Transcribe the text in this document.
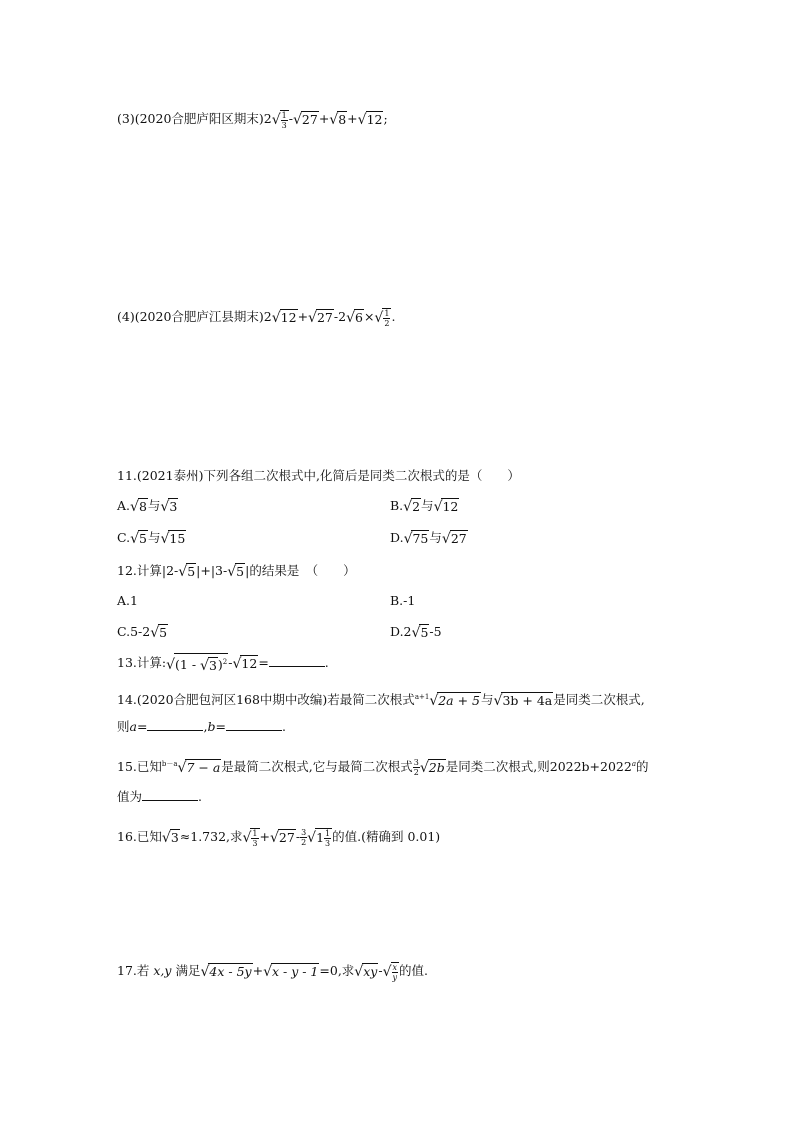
(3)(2020合肥庐阳区期末)$2√ \frac{1}{3} -√27+√8+√12$;
(4)(2020合肥庐江县期末)$2√12+√27-2√6\times√ \frac{1}{2}$ .
11.(2021泰州)下列各组二次根式中,化简后是同类二次根式的是（　　）
A.√8与√3	B.√2与√12
C.√5与√15	D.√75与√27
12.计算|2-√5|+|3-√5|的结果是　（　　）
A.1	B.-1
C.5-2√5	D.2√5-5
13.计算:√(1 - √3)$^2$-√12=	.
14.(2020合肥包河区168中期中改编)若最简二次根式$^{a+1}$√2a + 5与√3b + 4a是同类二次根式,
则a=	,b=	.
15.已知$^{b-a}$√7 − a是最简二次根式,它与最简二次根式 $\frac{3}{2} √2b$是同类二次根式,则$2022b+2022^a$的
值为	.
16.已知√3≈1.732,求√ $\frac{1}{3} +√27- \frac{3}{2} √1 \frac{1}{3}$ 的值.(精确到 0.01)
17.若 x,y 满足√4x - 5y+√x - y - 1=0,求$√xy-√ \frac{x}{y}$ 的值.
